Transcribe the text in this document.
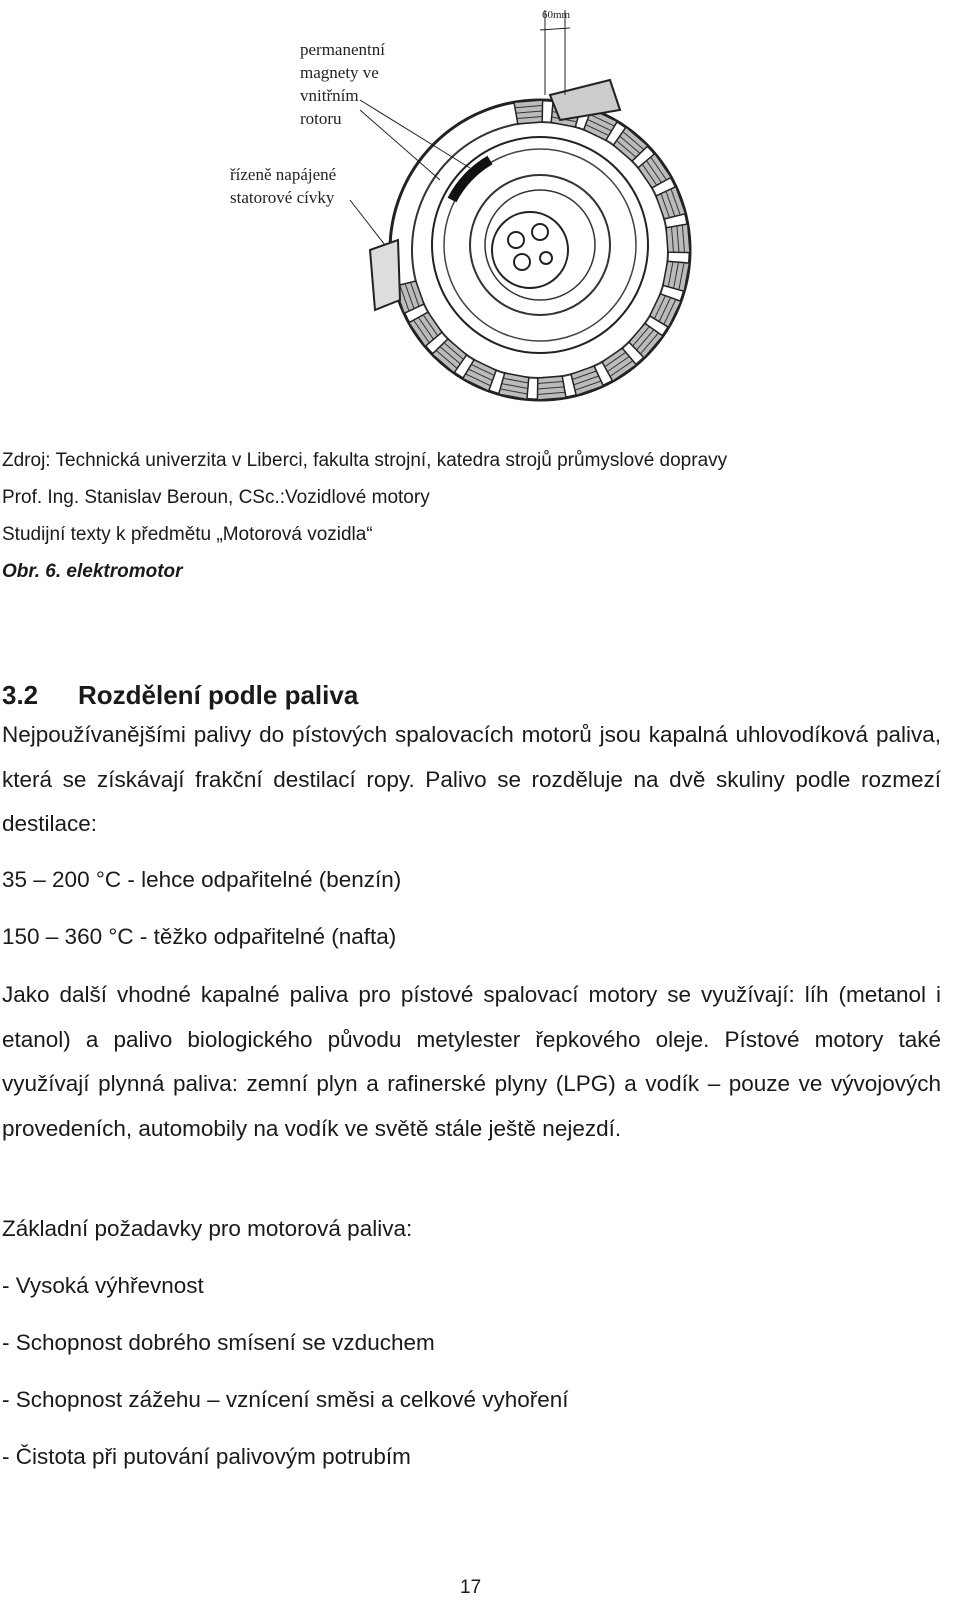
60mm
permanentní
magnety ve
vnitřním
rotoru
řízeně napájené
statorové cívky
Zdroj: Technická univerzita v Liberci, fakulta strojní, katedra strojů průmyslové dopravy
Prof. Ing. Stanislav Beroun, CSc.:Vozidlové motory
Studijní texty k předmětu „Motorová vozidla“
Obr. 6. elektromotor
3.2 Rozdělení podle paliva

Nejpoužívanějšími palivy do pístových spalovacích motorů jsou kapalná uhlovodíková paliva, která se získávají frakční destilací ropy. Palivo se rozděluje na dvě skuliny podle rozmezí destilace:

35 – 200 °C - lehce odpařitelné (benzín)
150 – 360 °C - těžko odpařitelné (nafta)

Jako další vhodné kapalné paliva pro pístové spalovací motory se využívají: líh (metanol i etanol) a palivo biologického původu metylester řepkového oleje. Pístové motory také využívají plynná paliva: zemní plyn a rafinerské plyny (LPG) a vodík – pouze ve vývojových provedeních, automobily na vodík ve světě stále ještě nejezdí.

Základní požadavky pro motorová paliva:
- Vysoká výhřevnost
- Schopnost dobrého smísení se vzduchem
- Schopnost zážehu – vznícení směsi a celkové vyhoření
- Čistota při putování palivovým potrubím
17
